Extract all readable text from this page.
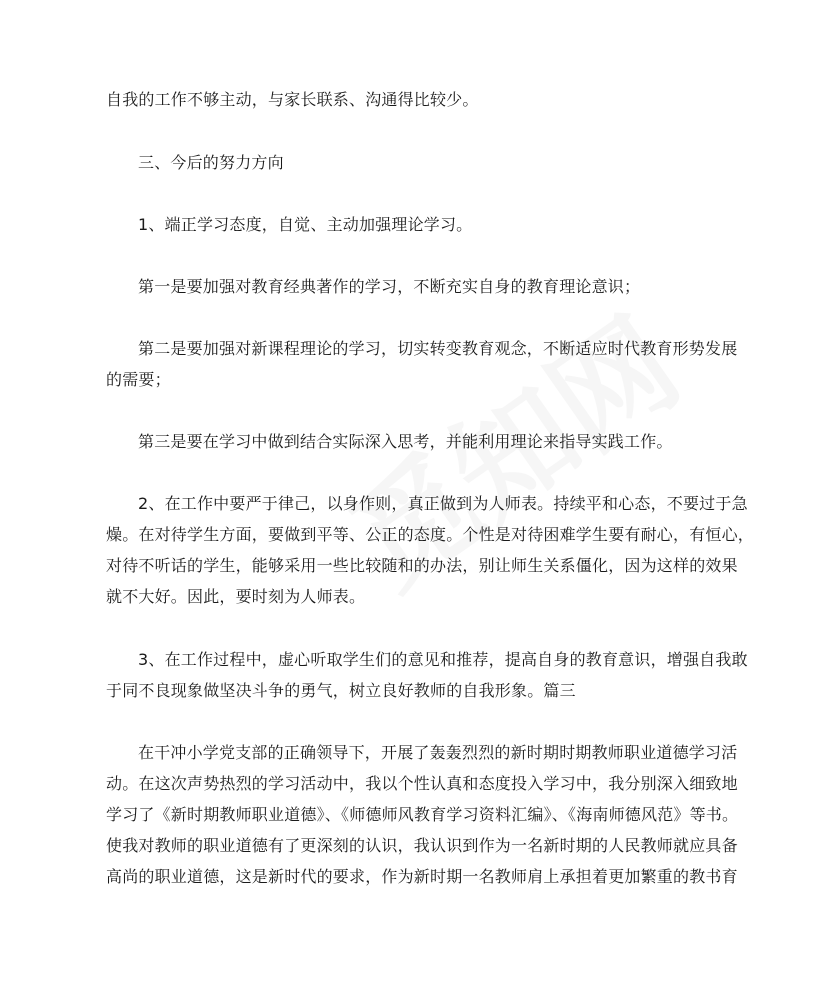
自我的工作不够主动，与家长联系、沟通得比较少。
三、今后的努力方向
1、端正学习态度，自觉、主动加强理论学习。
第一是要加强对教育经典著作的学习，不断充实自身的教育理论意识；
第二是要加强对新课程理论的学习，切实转变教育观念，不断适应时代教育形势发展
的需要；
第三是要在学习中做到结合实际深入思考，并能利用理论来指导实践工作。
2、在工作中要严于律己，以身作则，真正做到为人师表。持续平和心态，不要过于急
燥。在对待学生方面，要做到平等、公正的态度。个性是对待困难学生要有耐心，有恒心，
对待不听话的学生，能够采用一些比较随和的办法，别让师生关系僵化，因为这样的效果
就不大好。因此，要时刻为人师表。
3、在工作过程中，虚心听取学生们的意见和推荐，提高自身的教育意识，增强自我敢
于同不良现象做坚决斗争的勇气，树立良好教师的自我形象。篇三
在干冲小学党支部的正确领导下，开展了轰轰烈烈的新时期时期教师职业道德学习活
动。在这次声势热烈的学习活动中，我以个性认真和态度投入学习中，我分别深入细致地
学习了《新时期教师职业道德》、《师德师风教育学习资料汇编》、《海南师德风范》等书。
使我对教师的职业道德有了更深刻的认识，我认识到作为一名新时期的人民教师就应具备
高尚的职业道德，这是新时代的要求，作为新时期一名教师肩上承担着更加繁重的教书育
